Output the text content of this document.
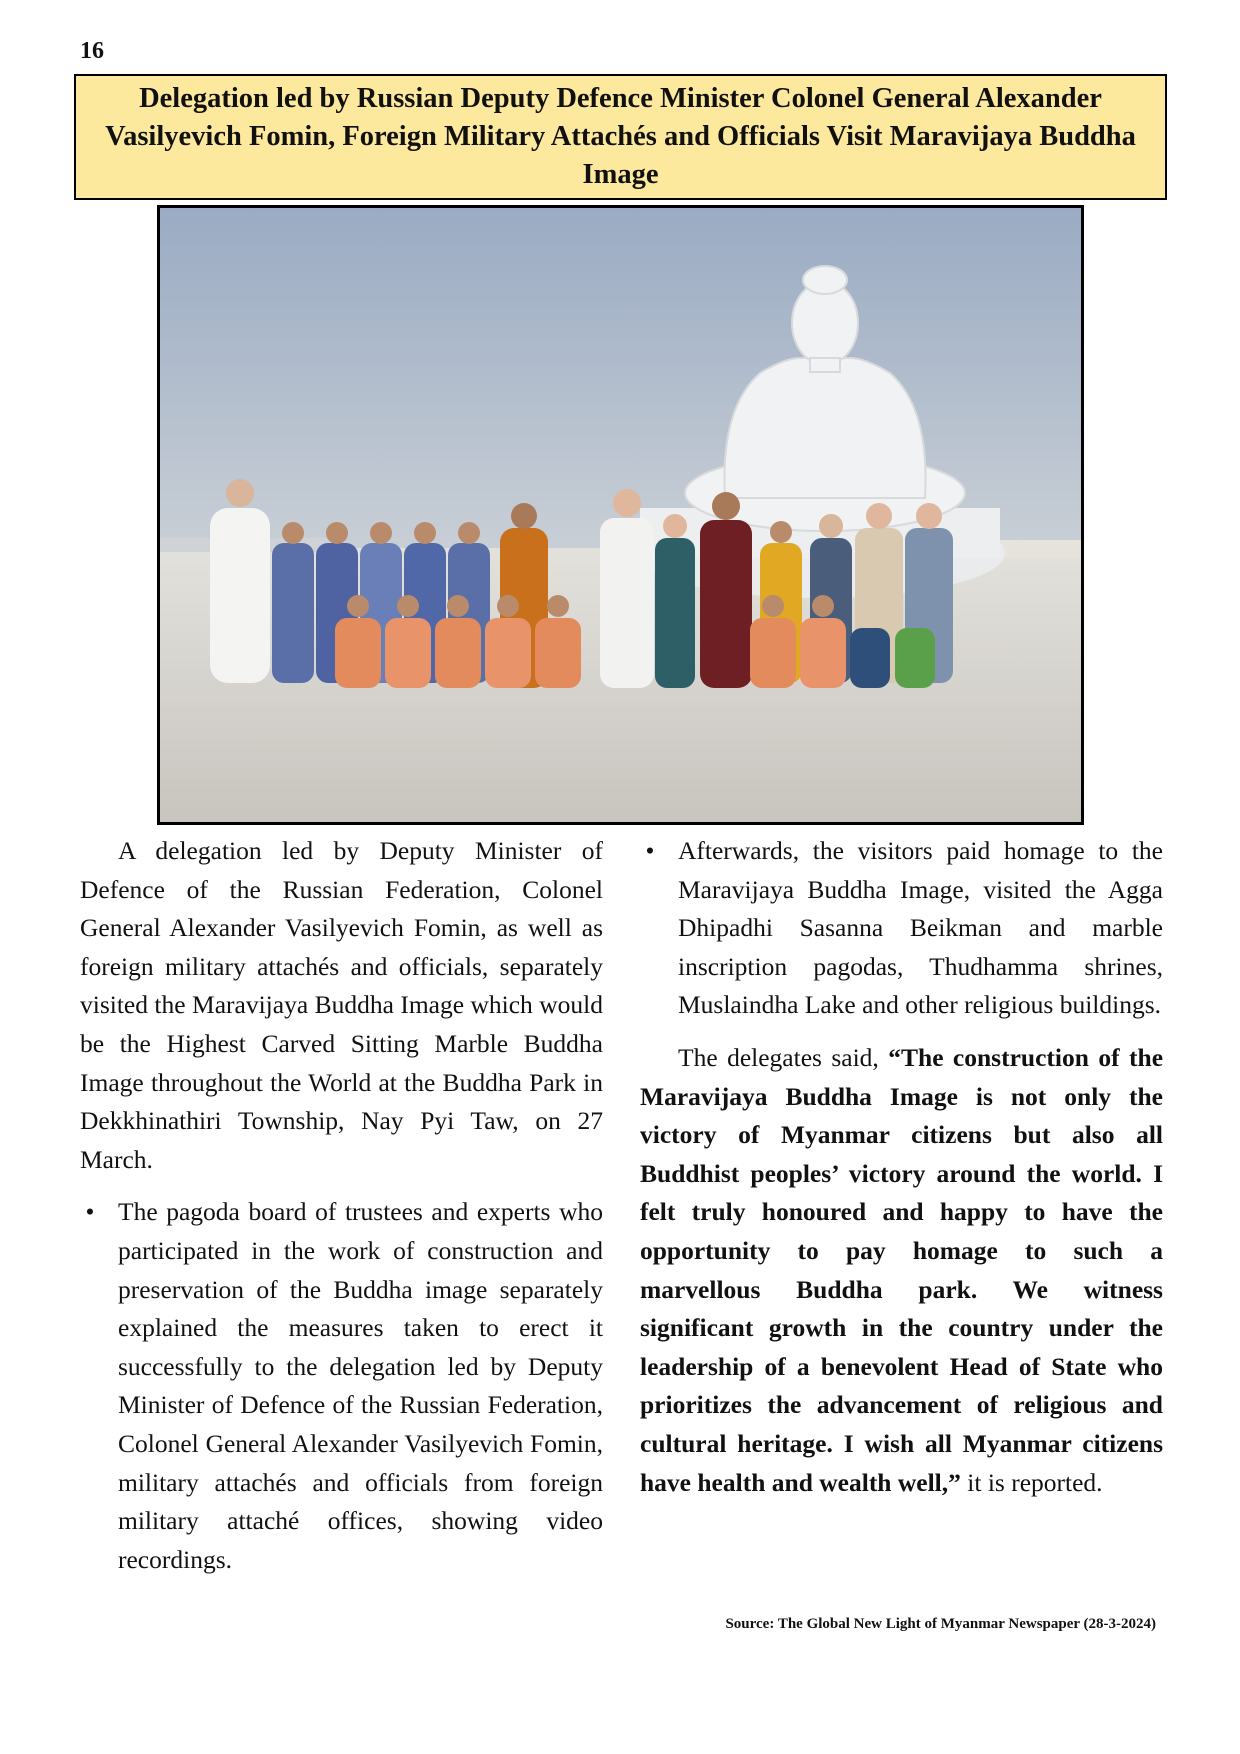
16
Delegation led by Russian Deputy Defence Minister Colonel General Alexander Vasilyevich Fomin, Foreign Military Attachés and Officials Visit Maravijaya Buddha Image

A delegation led by Deputy Minister of Defence of the Russian Federation, Colonel General Alexander Vasilyevich Fomin, as well as foreign military attachés and officials, separately visited the Maravijaya Buddha Image which would be the Highest Carved Sitting Marble Buddha Image throughout the World at the Buddha Park in Dekkhinathiri Township, Nay Pyi Taw, on 27 March.

• The pagoda board of trustees and experts who participated in the work of construction and preservation of the Buddha image separately explained the measures taken to erect it successfully to the delegation led by Deputy Minister of Defence of the Russian Federation, Colonel General Alexander Vasilyevich Fomin, military attachés and officials from foreign military attaché offices, showing video recordings.

• Afterwards, the visitors paid homage to the Maravijaya Buddha Image, visited the Agga Dhipadhi Sasanna Beikman and marble inscription pagodas, Thudhamma shrines, Muslaindha Lake and other religious buildings.

The delegates said, “The construction of the Maravijaya Buddha Image is not only the victory of Myanmar citizens but also all Buddhist peoples’ victory around the world. I felt truly honoured and happy to have the opportunity to pay homage to such a marvellous Buddha park. We witness significant growth in the country under the leadership of a benevolent Head of State who prioritizes the advancement of religious and cultural heritage. I wish all Myanmar citizens have health and wealth well,” it is reported.

Source: The Global New Light of Myanmar Newspaper (28-3-2024)
